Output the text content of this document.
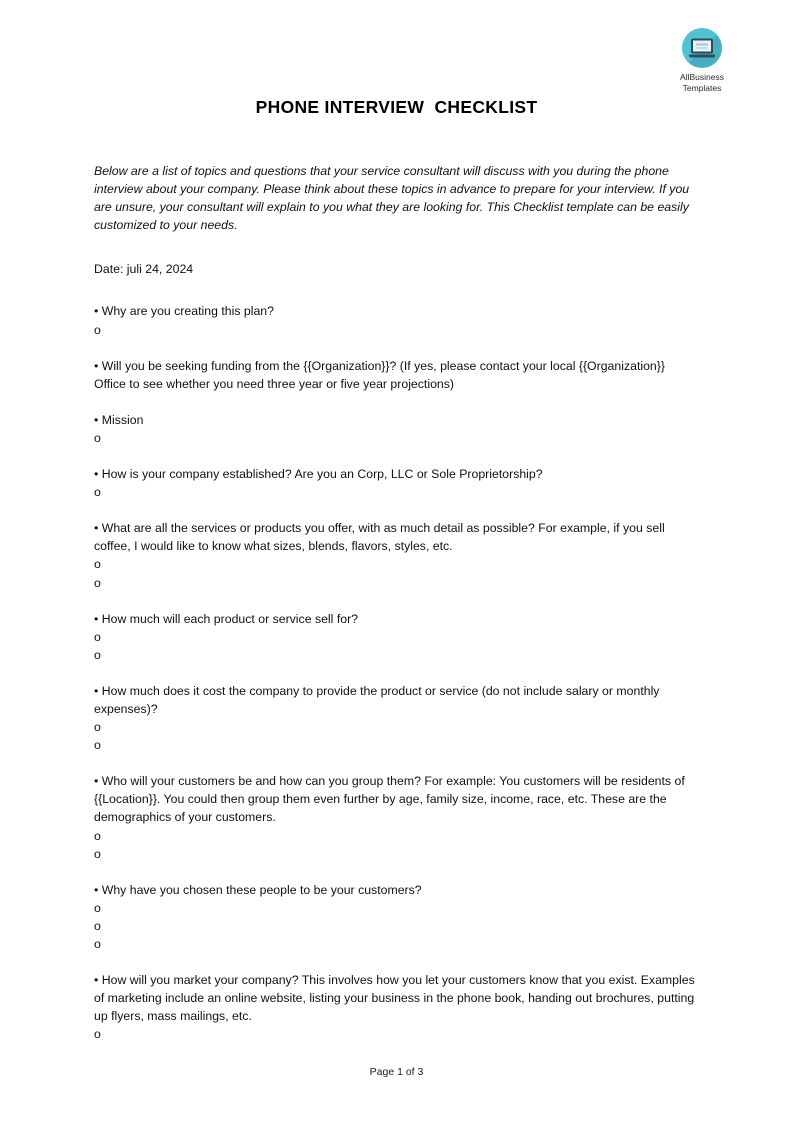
AllBusiness
Templates
PHONE INTERVIEW  CHECKLIST

Below are a list of topics and questions that your service consultant will discuss with you during the phone interview about your company. Please think about these topics in advance to prepare for your interview. If you are unsure, your consultant will explain to you what they are looking for. This Checklist template can be easily customized to your needs.

Date: juli 24, 2024

• Why are you creating this plan?

o

• Will you be seeking funding from the {{Organization}}? (If yes, please contact your local {{Organization}} Office to see whether you need three year or five year projections)

• Mission

o

• How is your company established? Are you an Corp, LLC or Sole Proprietorship?

o

• What are all the services or products you offer, with as much detail as possible? For example, if you sell coffee, I would like to know what sizes, blends, flavors, styles, etc.

o

o

• How much will each product or service sell for?

o

o

• How much does it cost the company to provide the product or service (do not include salary or monthly expenses)?

o

o

• Who will your customers be and how can you group them? For example: You customers will be residents of {{Location}}. You could then group them even further by age, family size, income, race, etc. These are the demographics of your customers.

o

o

• Why have you chosen these people to be your customers?

o

o

o

• How will you market your company? This involves how you let your customers know that you exist. Examples of marketing include an online website, listing your business in the phone book, handing out brochures, putting up flyers, mass mailings, etc.

o

Page 1 of 3
